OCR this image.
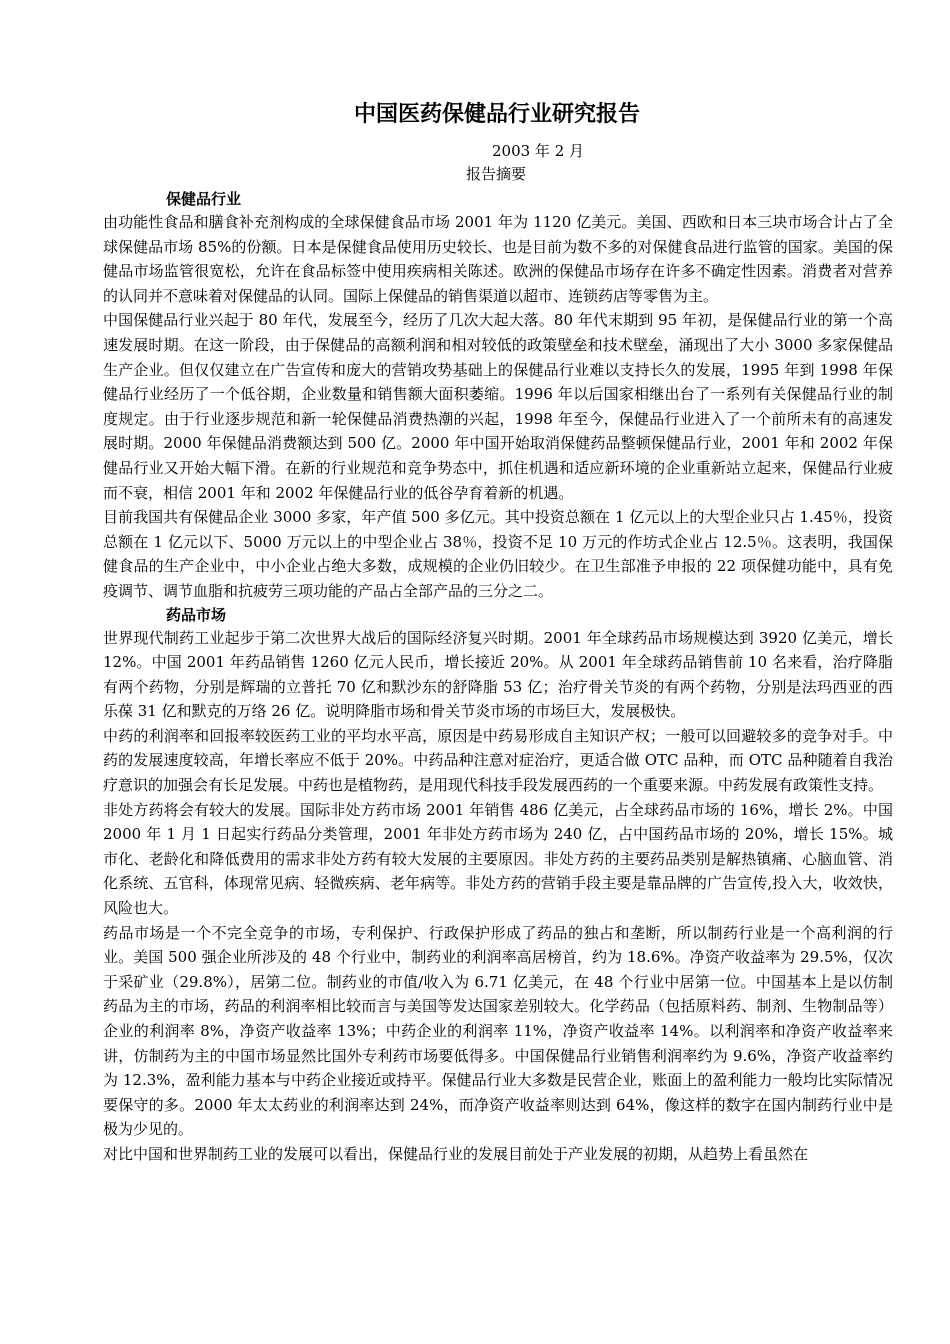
中国医药保健品行业研究报告

2003 年 2 月

报告摘要

保健品行业

由功能性食品和膳食补充剂构成的全球保健食品市场 2001 年为 1120 亿美元。美国、西欧和日本三块市场合计占了全球保健品市场 85%的份额。日本是保健食品使用历史较长、也是目前为数不多的对保健食品进行监管的国家。美国的保健品市场监管很宽松，允许在食品标签中使用疾病相关陈述。欧洲的保健品市场存在许多不确定性因素。消费者对营养的认同并不意味着对保健品的认同。国际上保健品的销售渠道以超市、连锁药店等零售为主。

中国保健品行业兴起于 80 年代，发展至今，经历了几次大起大落。80 年代末期到 95 年初，是保健品行业的第一个高速发展时期。在这一阶段，由于保健品的高额利润和相对较低的政策壁垒和技术壁垒，涌现出了大小 3000 多家保健品生产企业。但仅仅建立在广告宣传和庞大的营销攻势基础上的保健品行业难以支持长久的发展，1995 年到 1998 年保健品行业经历了一个低谷期，企业数量和销售额大面积萎缩。1996 年以后国家相继出台了一系列有关保健品行业的制度规定。由于行业逐步规范和新一轮保健品消费热潮的兴起，1998 年至今，保健品行业进入了一个前所未有的高速发展时期。2000 年保健品消费额达到 500 亿。2000 年中国开始取消保健药品整顿保健品行业，2001 年和 2002 年保健品行业又开始大幅下滑。在新的行业规范和竞争势态中，抓住机遇和适应新环境的企业重新站立起来，保健品行业疲而不衰，相信 2001 年和 2002 年保健品行业的低谷孕育着新的机遇。

目前我国共有保健品企业 3000 多家，年产值 500 多亿元。其中投资总额在 1 亿元以上的大型企业只占 1.45％，投资总额在 1 亿元以下、5000 万元以上的中型企业占 38％，投资不足 10 万元的作坊式企业占 12.5％。这表明，我国保健食品的生产企业中，中小企业占绝大多数，成规模的企业仍旧较少。在卫生部准予申报的 22 项保健功能中，具有免疫调节、调节血脂和抗疲劳三项功能的产品占全部产品的三分之二。

药品市场

世界现代制药工业起步于第二次世界大战后的国际经济复兴时期。2001 年全球药品市场规模达到 3920 亿美元，增长 12%。中国 2001 年药品销售 1260 亿元人民币，增长接近 20%。从 2001 年全球药品销售前 10 名来看，治疗降脂有两个药物，分别是辉瑞的立普托 70 亿和默沙东的舒降脂 53 亿；治疗骨关节炎的有两个药物，分别是法玛西亚的西乐葆 31 亿和默克的万络 26 亿。说明降脂市场和骨关节炎市场的市场巨大，发展极快。

中药的利润率和回报率较医药工业的平均水平高，原因是中药易形成自主知识产权；一般可以回避较多的竞争对手。中药的发展速度较高，年增长率应不低于 20%。中药品种注意对症治疗，更适合做 OTC 品种，而 OTC 品种随着自我治疗意识的加强会有长足发展。中药也是植物药，是用现代科技手段发展西药的一个重要来源。中药发展有政策性支持。

非处方药将会有较大的发展。国际非处方药市场 2001 年销售 486 亿美元，占全球药品市场的 16%，增长 2%。中国 2000 年 1 月 1 日起实行药品分类管理，2001 年非处方药市场为 240 亿，占中国药品市场的 20%，增长 15%。城市化、老龄化和降低费用的需求非处方药有较大发展的主要原因。非处方药的主要药品类别是解热镇痛、心脑血管、消化系统、五官科，体现常见病、轻微疾病、老年病等。非处方药的营销手段主要是靠品牌的广告宣传,投入大，收效快，风险也大。

药品市场是一个不完全竞争的市场，专利保护、行政保护形成了药品的独占和垄断，所以制药行业是一个高利润的行业。美国 500 强企业所涉及的 48 个行业中，制药业的利润率高居榜首，约为 18.6%。净资产收益率为 29.5%，仅次于采矿业（29.8%），居第二位。制药业的市值/收入为 6.71 亿美元，在 48 个行业中居第一位。中国基本上是以仿制药品为主的市场，药品的利润率相比较而言与美国等发达国家差别较大。化学药品（包括原料药、制剂、生物制品等）企业的利润率 8%，净资产收益率 13%；中药企业的利润率 11%，净资产收益率 14%。以利润率和净资产收益率来讲，仿制药为主的中国市场显然比国外专利药市场要低得多。中国保健品行业销售利润率约为 9.6%，净资产收益率约为 12.3%，盈利能力基本与中药企业接近或持平。保健品行业大多数是民营企业，账面上的盈利能力一般均比实际情况要保守的多。2000 年太太药业的利润率达到 24%，而净资产收益率则达到 64%，像这样的数字在国内制药行业中是极为少见的。

对比中国和世界制药工业的发展可以看出，保健品行业的发展目前处于产业发展的初期，从趋势上看虽然在
